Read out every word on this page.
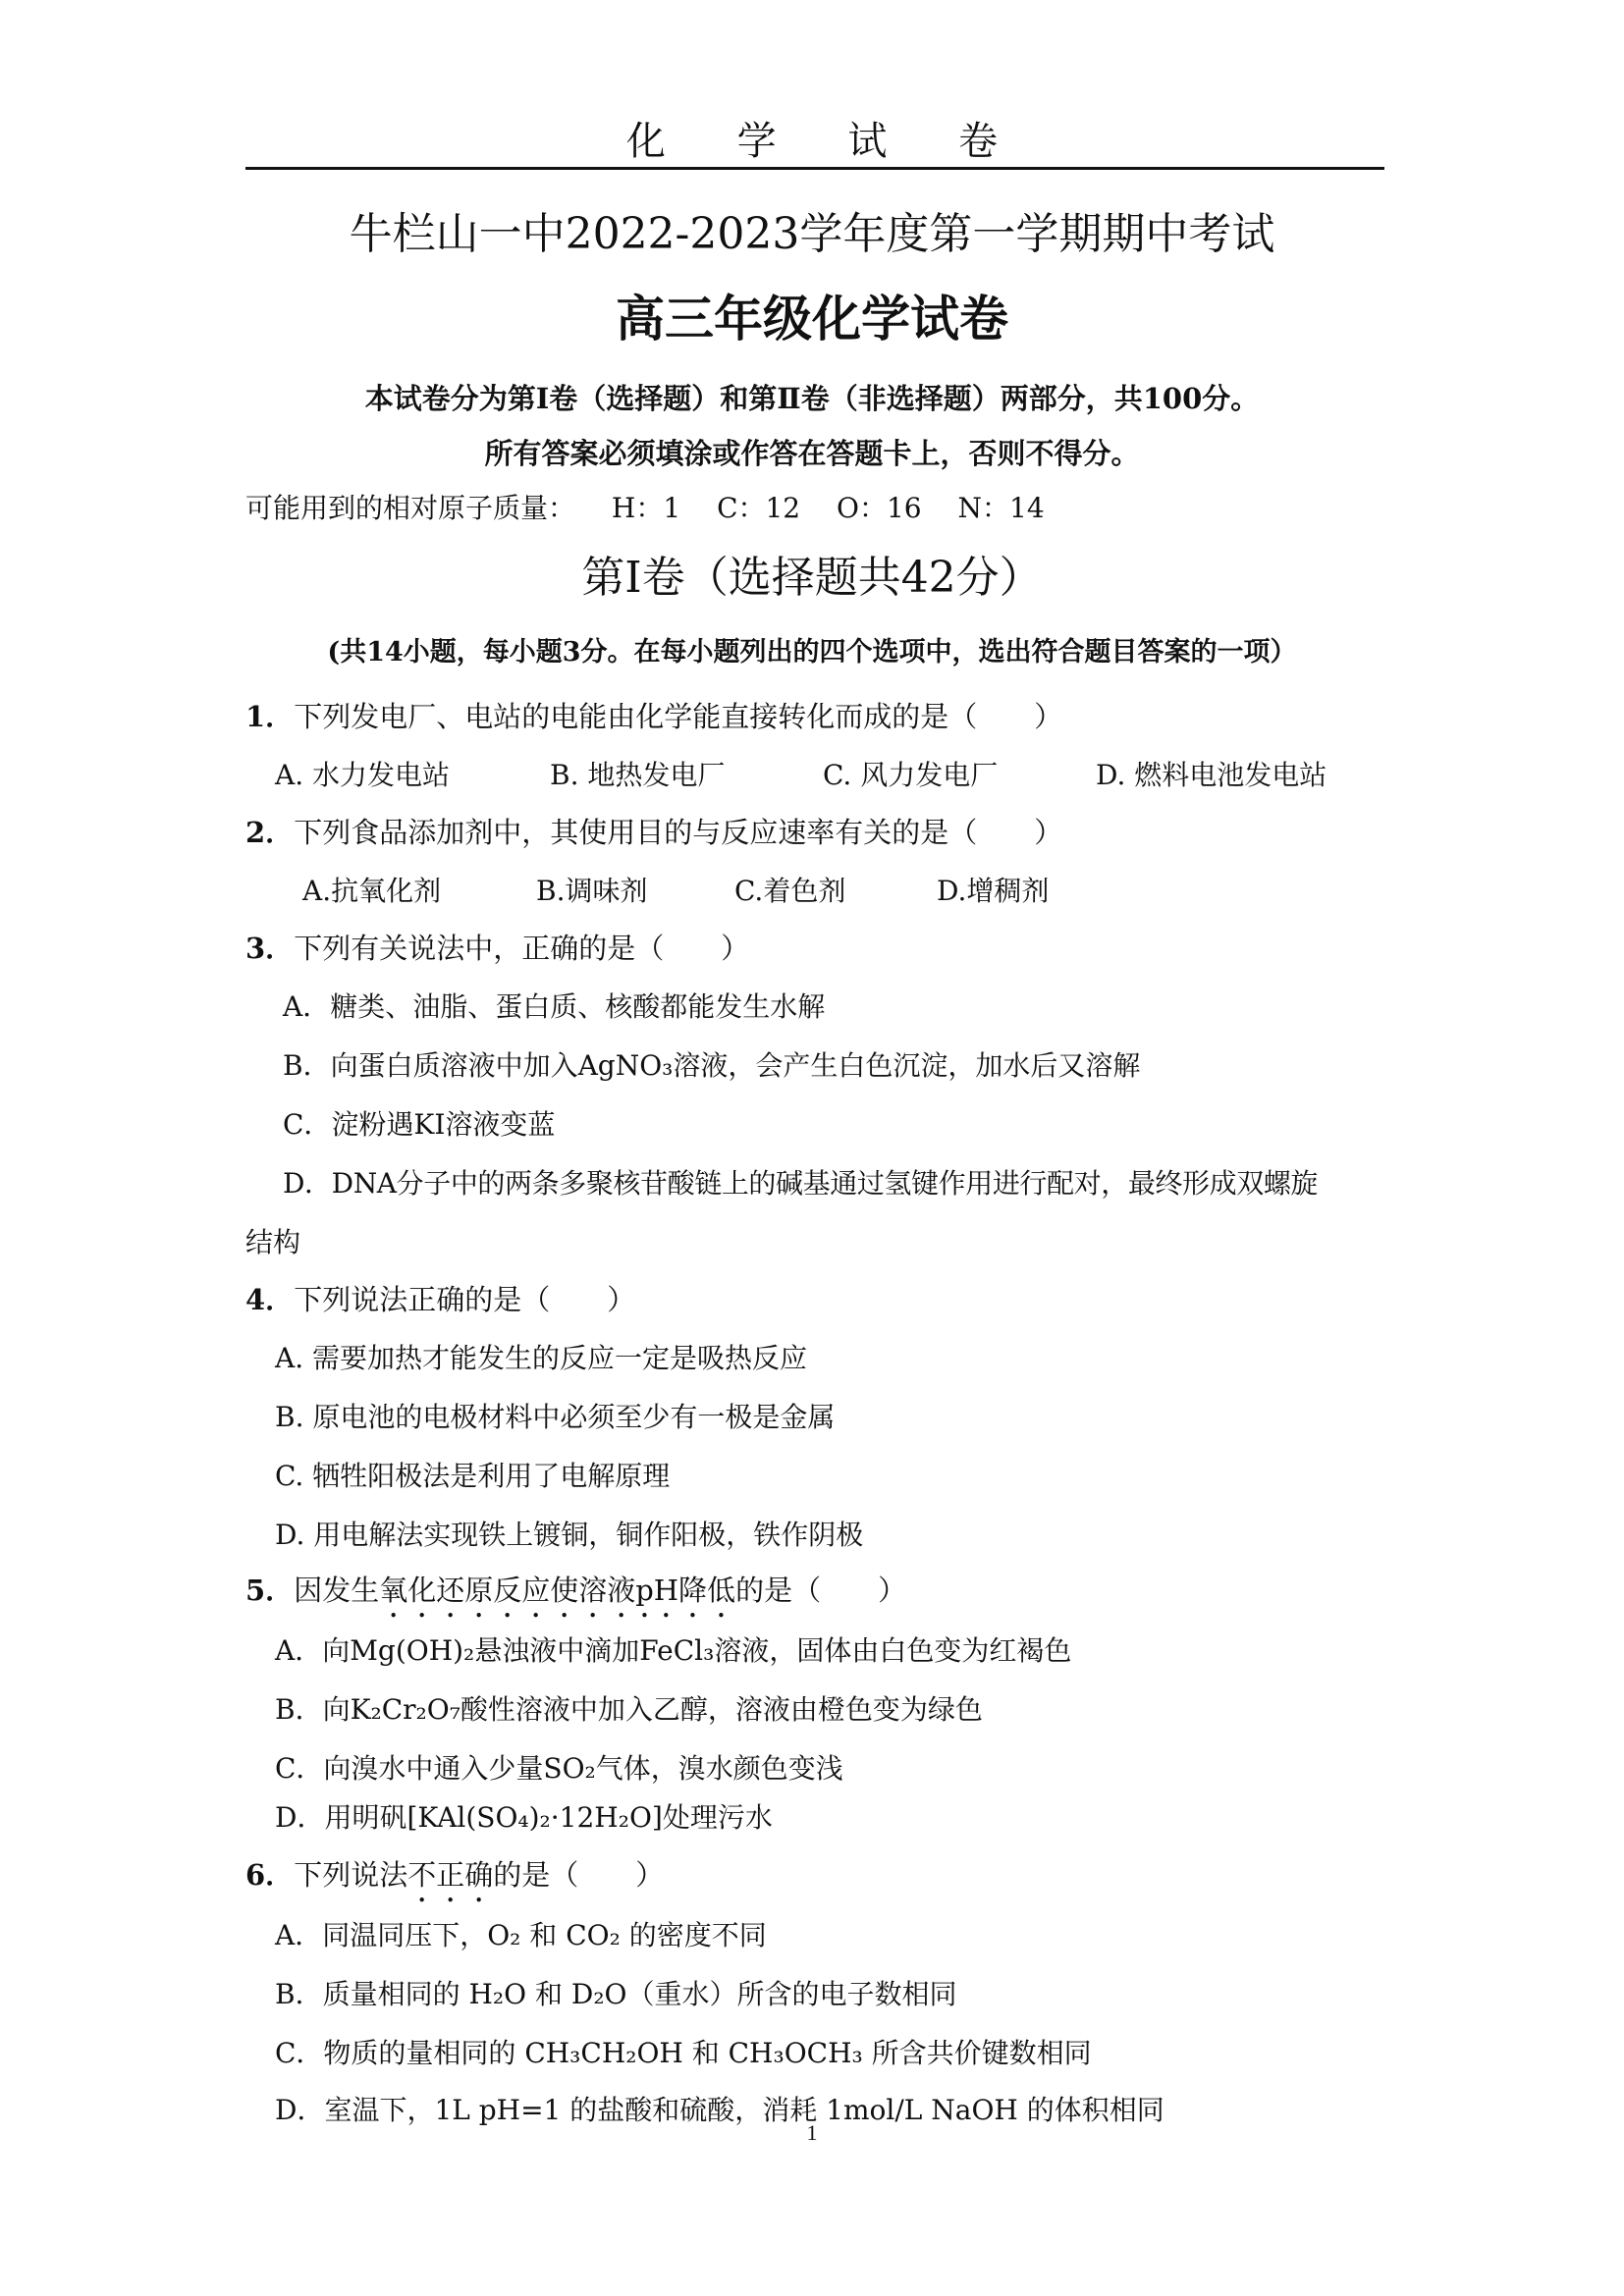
化 学 试 卷
牛栏山一中2022-2023学年度第一学期期中考试
高三年级化学试卷
本试卷分为第Ⅰ卷（选择题）和第Ⅱ卷（非选择题）两部分，共100分。
所有答案必须填涂或作答在答题卡上，否则不得分。
可能用到的相对原子质量： H：1 C：12 O：16 N：14
第Ⅰ卷（选择题共42分）
(共14小题，每小题3分。在每小题列出的四个选项中，选出符合题目答案的一项）
1．下列发电厂、电站的电能由化学能直接转化而成的是（　　）
A. 水力发电站	B. 地热发电厂	C. 风力发电厂	D. 燃料电池发电站
2．下列食品添加剂中，其使用目的与反应速率有关的是（　　）
A.抗氧化剂	B.调味剂	C.着色剂	D.增稠剂
3．下列有关说法中，正确的是（　　）
A．糖类、油脂、蛋白质、核酸都能发生水解
B．向蛋白质溶液中加入AgNO₃溶液，会产生白色沉淀，加水后又溶解
C．淀粉遇KI溶液变蓝
D．DNA分子中的两条多聚核苷酸链上的碱基通过氢键作用进行配对，最终形成双螺旋
结构
4．下列说法正确的是（　　）
A. 需要加热才能发生的反应一定是吸热反应
B. 原电池的电极材料中必须至少有一极是金属
C. 牺牲阳极法是利用了电解原理
D. 用电解法实现铁上镀铜，铜作阳极，铁作阴极
5．因发生氧化还原反应使溶液pH降低的是（　　）
A．向Mg(OH)₂悬浊液中滴加FeCl₃溶液，固体由白色变为红褐色
B．向K₂Cr₂O₇酸性溶液中加入乙醇，溶液由橙色变为绿色
C．向溴水中通入少量SO₂气体，溴水颜色变浅
D．用明矾[KAl(SO₄)₂·12H₂O]处理污水
6．下列说法不正确的是（　　）
A．同温同压下，O₂ 和 CO₂ 的密度不同
B．质量相同的 H₂O 和 D₂O（重水）所含的电子数相同
C．物质的量相同的 CH₃CH₂OH 和 CH₃OCH₃ 所含共价键数相同
D．室温下，1L pH=1 的盐酸和硫酸，消耗 1mol/L NaOH 的体积相同
1
